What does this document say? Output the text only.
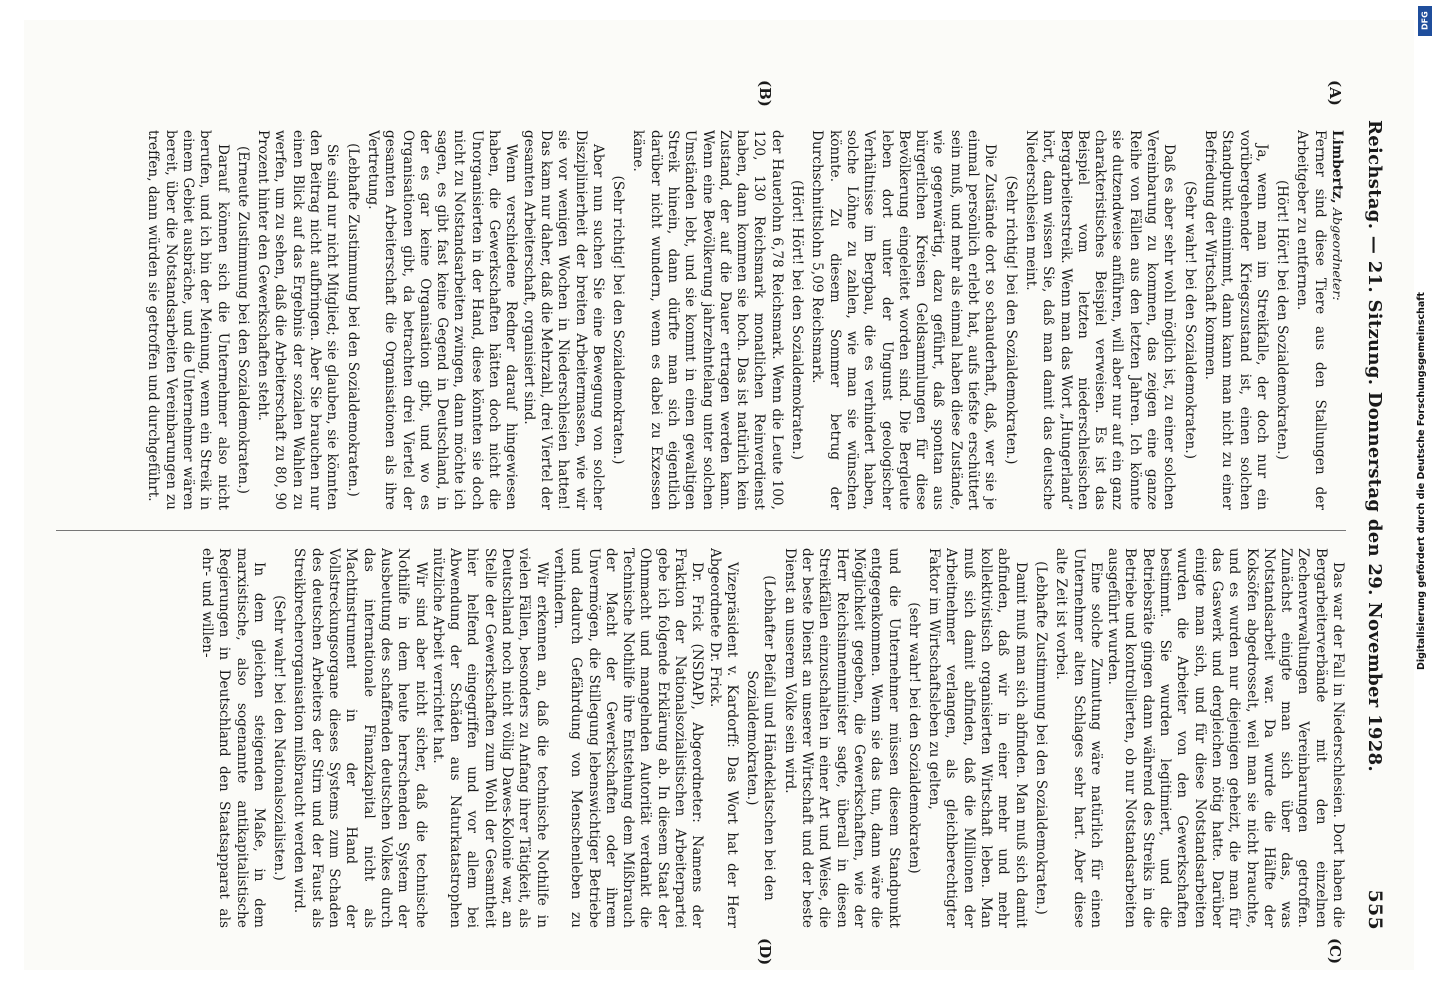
Reichstag. — 21. Sitzung. Donnerstag den 29. November 1928.
555
(A)
(B)
(C)
(D)

Limbertz, Abgeordneter:

Ferner sind diese Tiere aus den Stallungen der Arbeitgeber zu entfernen.

(Hört! Hört! bei den Sozialdemokraten.)

Ja, wenn man im Streikfalle, der doch nur ein vorübergehender Kriegszustand ist, einen solchen Standpunkt einnimmt, dann kann man nicht zu einer Befriedung der Wirtschaft kommen.

(Sehr wahr! bei den Sozialdemokraten.)

Daß es aber sehr wohl möglich ist, zu einer solchen Vereinbarung zu kommen, das zeigen eine ganze Reihe von Fällen aus den letzten Jahren. Ich könnte sie dutzendweise anführen, will aber nur auf ein ganz charakteristisches Beispiel verweisen. Es ist das Beispiel vom letzten niederschlesischen Bergarbeiterstreik. Wenn man das Wort „Hungerland“ hört, dann wissen Sie, daß man damit das deutsche Niederschlesien meint.

(Sehr richtig! bei den Sozialdemokraten.)

Die Zustände dort so schauderhaft, daß, wer sie je einmal persönlich erlebt hat, aufs tiefste erschüttert sein muß, und mehr als einmal haben diese Zustände, wie gegenwärtig, dazu geführt, daß spontan aus bürgerlichen Kreisen Geldsammlungen für diese Bevölkerung eingeleitet worden sind. Die Bergleute leben dort unter der Ungunst geologischer Verhältnisse im Bergbau, die es verhindert haben, solche Löhne zu zahlen, wie man sie wünschen könnte. Zu diesem Sommer betrug der Durchschnittslohn 5,09 Reichsmark.

(Hört! Hört! bei den Sozialdemokraten.)

der Hauerlohn 6,78 Reichsmark. Wenn die Leute 100, 120, 130 Reichsmark monatlichen Reinverdienst haben, dann kommen sie hoch. Das ist natürlich kein Zustand, der auf die Dauer ertragen werden kann. Wenn eine Bevölkerung jahrzehntelang unter solchen Umständen lebt, und sie kommt in einen gewaltigen Streik hinein, dann dürfte man sich eigentlich darüber nicht wundern, wenn es dabei zu Exzessen käme.

(Sehr richtig! bei den Sozialdemokraten.)

Aber nun suchen Sie eine Bewegung von solcher Disziplinierheit der breiten Arbeitermassen, wie wir sie vor wenigen Wochen in Niederschlesien hatten! Das kam nur daher, daß die Mehrzahl, drei Viertel der gesamten Arbeiterschaft, organisiert sind.

Wenn verschiedene Redner darauf hingewiesen haben, die Gewerkschaften hätten doch nicht die Unorganisierten in der Hand, diese könnten sie doch nicht zu Notstandsarbeiten zwingen, dann möchte ich sagen, es gibt fast keine Gegend in Deutschland, in der es gar keine Organisation gibt, und wo es Organisationen gibt, da betrachten drei Viertel der gesamten Arbeiterschaft die Organisationen als ihre Vertretung.

(Lebhafte Zustimmung bei den Sozialdemokraten.)

Sie sind nur nicht Mitglied; sie glauben, sie könnten den Beitrag nicht aufbringen. Aber Sie brauchen nur einen Blick auf das Ergebnis der sozialen Wahlen zu werfen, um zu sehen, daß die Arbeiterschaft zu 80, 90 Prozent hinter den Gewerkschaften steht.

(Erneute Zustimmung bei den Sozialdemokraten.)

Darauf können sich die Unternehmer also nicht berufen, und ich bin der Meinung, wenn ein Streik in einem Gebiet ausbräche, und die Unternehmer wären bereit, über die Notstandsarbeiten Vereinbarungen zu treffen, dann würden sie getroffen und durchgeführt.

Das war der Fall in Niederschlesien. Dort haben die Bergarbeiterverbände mit den einzelnen Zechenverwaltungen Vereinbarungen getroffen. Zunächst einigte man sich über das, was Notstandsarbeit war. Da wurde die Hälfte der Koksöfen abgedrosselt, weil man sie nicht brauchte, und es wurden nur diejenigen geheizt, die man für das Gaswerk und dergleichen nötig hatte. Darüber einigte man sich, und für diese Notstandsarbeiten wurden die Arbeiter von den Gewerkschaften bestimmt. Sie wurden legitimiert, und die Betriebsräte gingen dann während des Streiks in die Betriebe und kontrollierten, ob nur Notstandsarbeiten ausgeführt wurden.

Eine solche Zumutung wäre natürlich für einen Unternehmer alten Schlages sehr hart. Aber diese alte Zeit ist vorbei.

(Lebhafte Zustimmung bei den Sozialdemokraten.)

Damit muß man sich abfinden. Man muß sich damit abfinden, daß wir in einer mehr und mehr kollektivistisch organisierten Wirtschaft leben. Man muß sich damit abfinden, daß die Millionen der Arbeitnehmer verlangen, als gleichberechtigter Faktor im Wirtschaftsleben zu gelten,

(sehr wahr! bei den Sozialdemokraten)

und die Unternehmer müssen diesem Standpunkt entgegenkommen. Wenn sie das tun, dann wäre die Möglichkeit gegeben, die Gewerkschaften, wie der Herr Reichsinnenminister sagte, überall in diesen Streikfällen einzuschalten in einer Art und Weise, die der beste Dienst an unserer Wirtschaft und der beste Dienst an unserem Volke sein wird.

(Lebhafter Beifall und Händeklatschen bei den Sozialdemokraten.)

Vizepräsident v. Kardorff: Das Wort hat der Herr Abgeordnete Dr. Frick.

Dr. Frick (NSDAP), Abgeordneter: Namens der Fraktion der Nationalsozialistischen Arbeiterpartei gebe ich folgende Erklärung ab. In diesem Staat der Ohnmacht und mangelnden Autorität verdankt die Technische Nothilfe ihre Entstehung dem Mißbrauch der Macht der Gewerkschaften oder ihrem Unvermögen, die Stillegung lebenswichtiger Betriebe und dadurch Gefährdung von Menschenleben zu verhindern.

Wir erkennen an, daß die technische Nothilfe in vielen Fällen, besonders zu Anfang ihrer Tätigkeit, als Deutschland noch nicht völlig Dawes-Kolonie war, an Stelle der Gewerkschaften zum Wohl der Gesamtheit hier helfend eingegriffen und vor allem bei Abwendung der Schäden aus Naturkatastrophen nützliche Arbeit verrichtet hat.

Wir sind aber nicht sicher, daß die technische Nothilfe in dem heute herrschenden System der Ausbeutung des schaffenden deutschen Volkes durch das internationale Finanzkapital nicht als Machtinstrument in der Hand der Vollstreckungsorgane dieses Systems zum Schaden des deutschen Arbeiters der Stirn und der Faust als Streikbrecherorganisation mißbraucht werden wird.

(Sehr wahr! bei den Nationalsozialisten.)

In dem gleichen steigenden Maße, in dem marxistische, also sogenannte antikapitalistische Regierungen in Deutschland den Staatsapparat als ehr- und willen-

DFG
Digitalisierung gefördert durch die Deutsche Forschungsgemeinschaft
